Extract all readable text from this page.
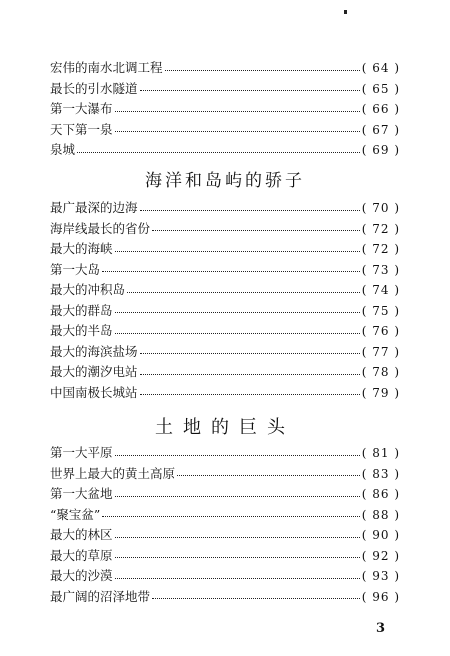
宏伟的南水北调工程	( 64 )
最长的引水隧道	( 65 )
第一大瀑布	( 66 )
天下第一泉	( 67 )
泉城	( 69 )
海洋和岛屿的骄子
最广最深的边海	( 70 )
海岸线最长的省份	( 72 )
最大的海峡	( 72 )
第一大岛	( 73 )
最大的冲积岛	( 74 )
最大的群岛	( 75 )
最大的半岛	( 76 )
最大的海滨盐场	( 77 )
最大的潮汐电站	( 78 )
中国南极长城站	( 79 )
土地的巨头
第一大平原	( 81 )
世界上最大的黄土高原	( 83 )
第一大盆地	( 86 )
“聚宝盆”	( 88 )
最大的林区	( 90 )
最大的草原	( 92 )
最大的沙漠	( 93 )
最广阔的沼泽地带	( 96 )
3
